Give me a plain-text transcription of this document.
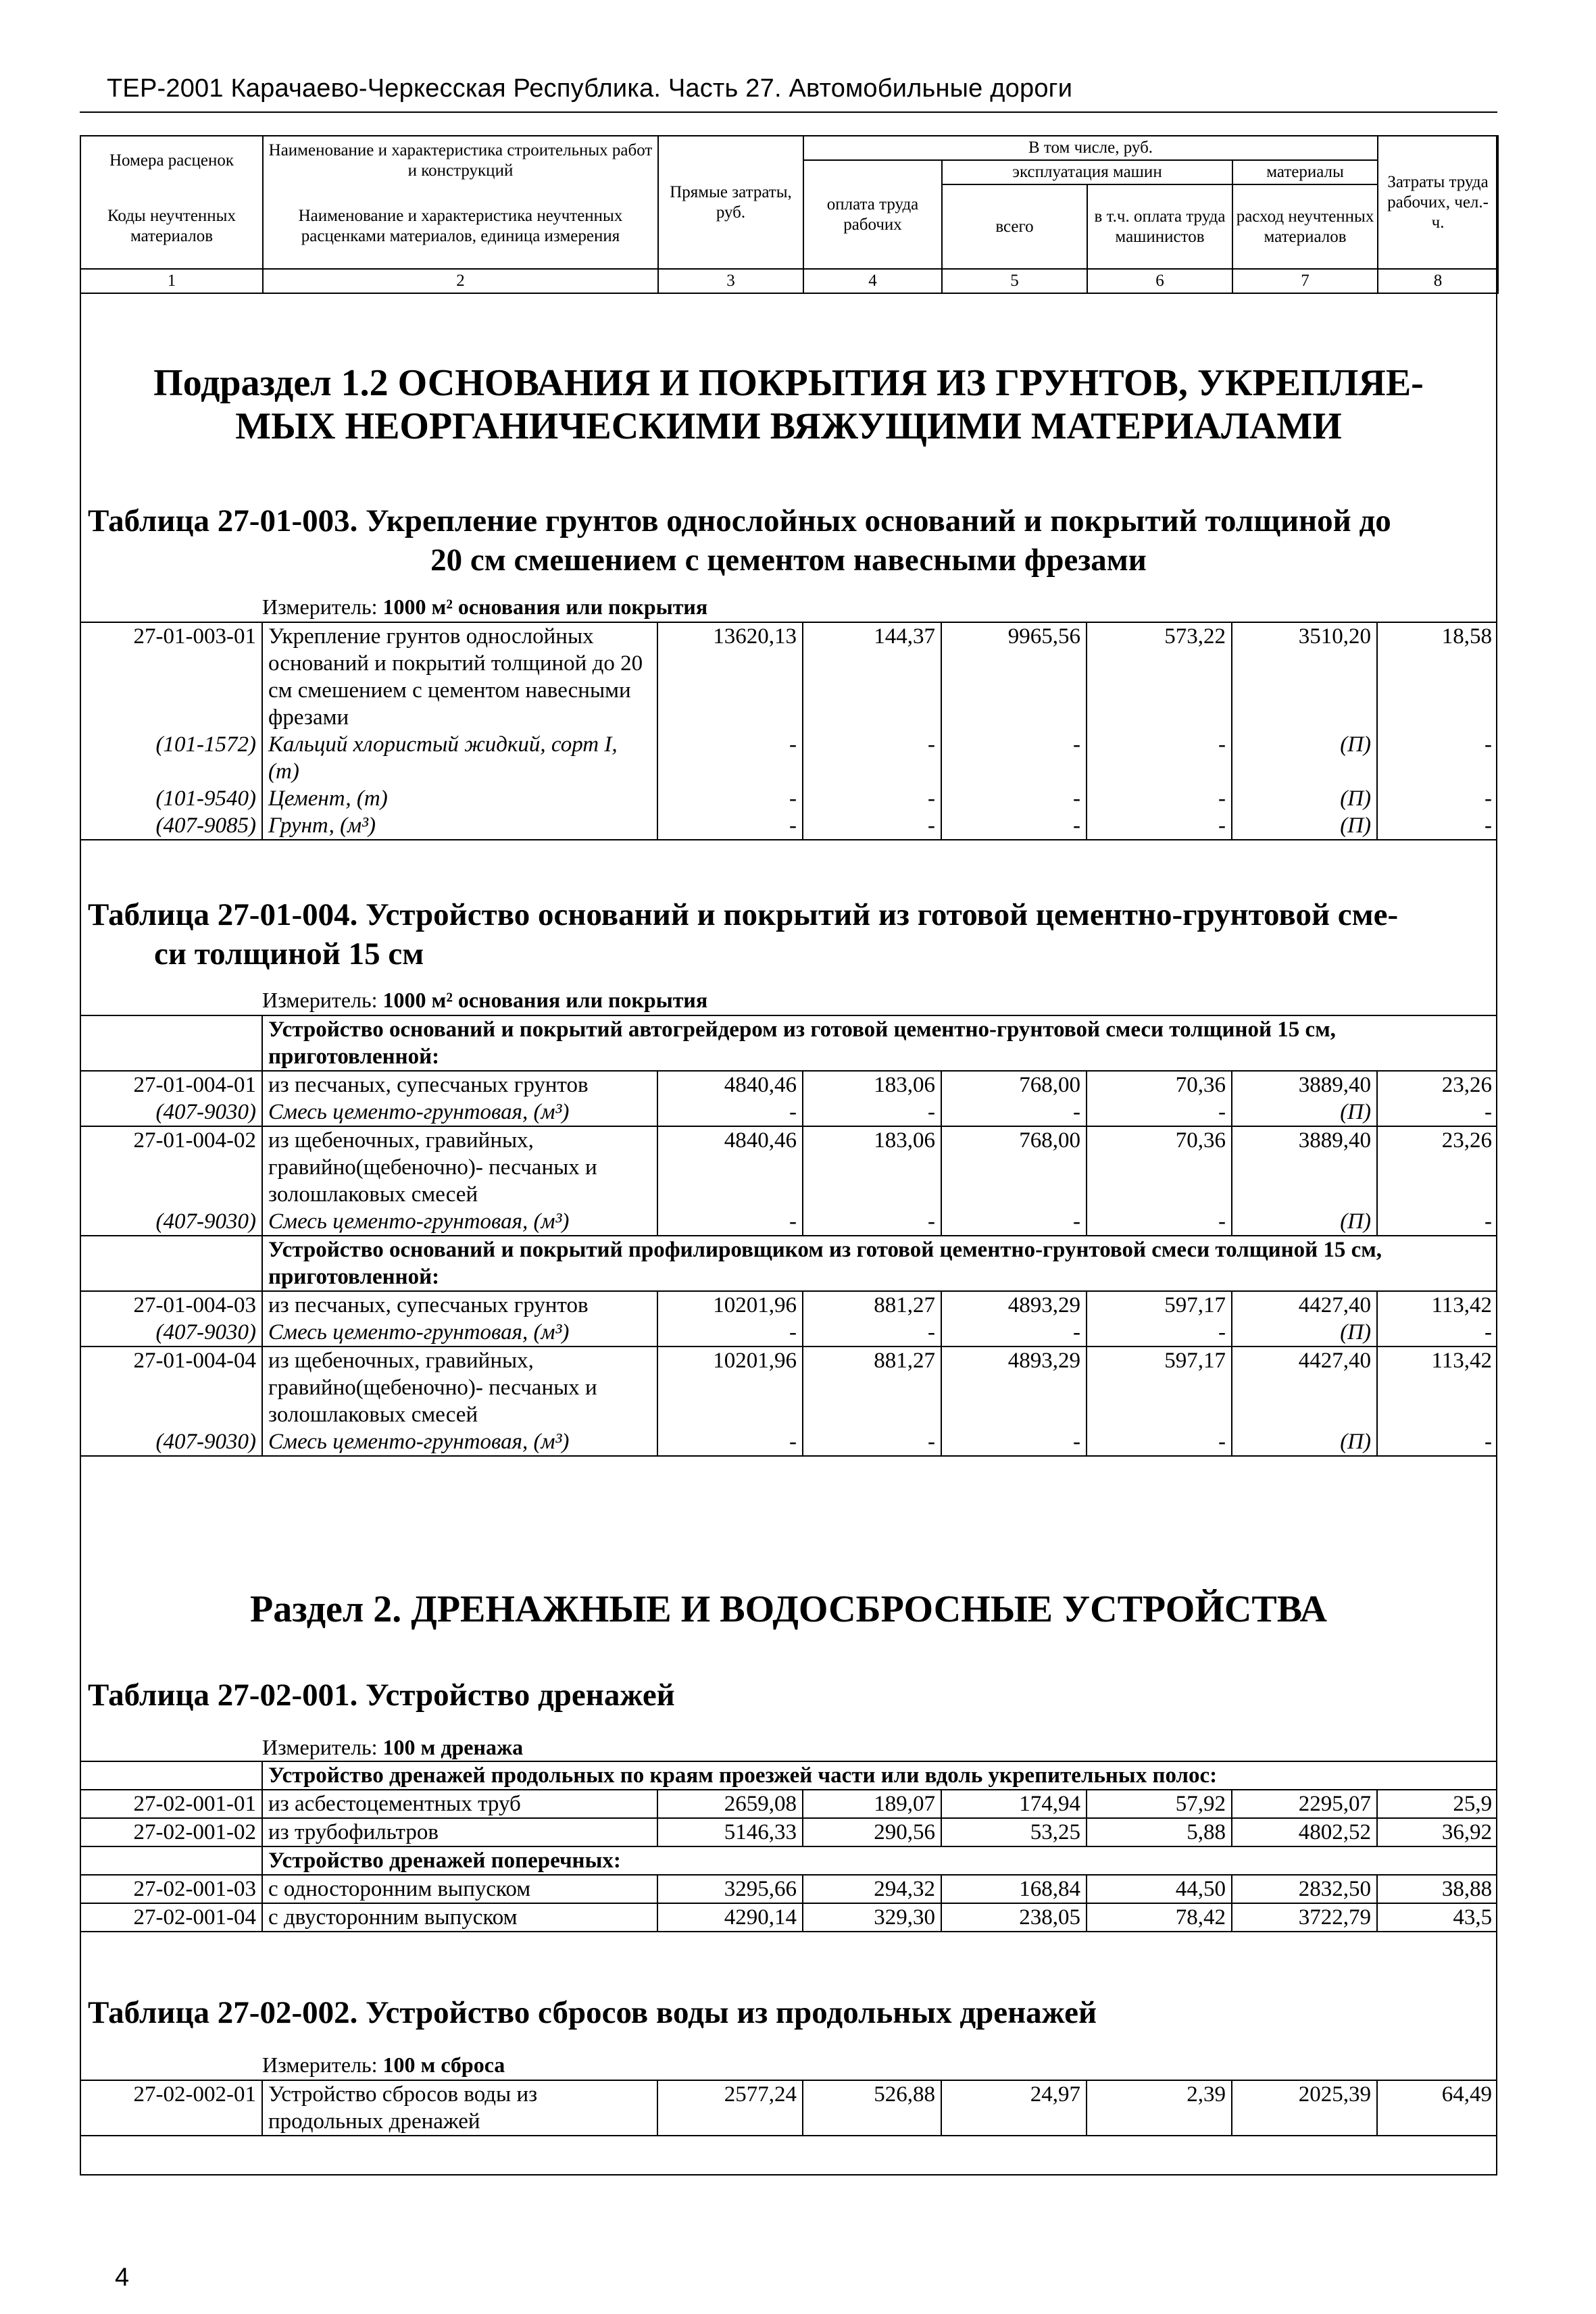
ТЕР-2001 Карачаево-Черкесская Республика. Часть 27. Автомобильные дороги
Номера расценок	Наименование и характеристика строительных работ и конструкций	Прямые затраты, руб.	В том числе, руб.				Затраты труда рабочих, чел.-ч.
			оплата труда рабочих	эксплуатация машин		материалы	
Коды неучтенных материалов	Наименование и характеристика неучтенных расценками материалов, единица измерения			всего	в т.ч. оплата труда машинистов	расход неучтенных материалов	

1	2	3	4	5	6	7	8
Подраздел 1.2 ОСНОВАНИЯ И ПОКРЫТИЯ ИЗ ГРУНТОВ, УКРЕПЛЯЕ-
МЫХ НЕОРГАНИЧЕСКИМИ ВЯЖУЩИМИ МАТЕРИАЛАМИ
Таблица 27-01-003. Укрепление грунтов однослойных оснований и покрытий толщиной до
20 см смешением с цементом навесными фрезами
Измеритель: 1000 м² основания или покрытия
27-01-003-01	Укрепление грунтов однослойных оснований и покрытий толщиной до 20 см смешением с цементом навесными фрезами	13620,13	144,37	9965,56	573,22	3510,20	18,58
(101-1572)	Кальций хлористый жидкий, сорт I, (т)	-	-	-	-	(П)	-
(101-9540)	Цемент, (т)	-	-	-	-	(П)	-
(407-9085)	Грунт, (м³)	-	-	-	-	(П)	-
Таблица 27-01-004. Устройство оснований и покрытий из готовой цементно-грунтовой сме-
си толщиной 15 см
Измеритель: 1000 м² основания или покрытия
	Устройство оснований и покрытий автогрейдером из готовой цементно-грунтовой смеси толщиной 15 см, приготовленной:						
27-01-004-01	из песчаных, супесчаных грунтов	4840,46	183,06	768,00	70,36	3889,40	23,26
(407-9030)	Смесь цементо-грунтовая, (м³)	-	-	-	-	(П)	-
27-01-004-02	из щебеночных, гравийных, гравийно(щебеночно)- песчаных и золошлаковых смесей	4840,46	183,06	768,00	70,36	3889,40	23,26
(407-9030)	Смесь цементо-грунтовая, (м³)	-	-	-	-	(П)	-
	Устройство оснований и покрытий профилировщиком из готовой цементно-грунтовой смеси толщиной 15 см, приготовленной:						
27-01-004-03	из песчаных, супесчаных грунтов	10201,96	881,27	4893,29	597,17	4427,40	113,42
(407-9030)	Смесь цементо-грунтовая, (м³)	-	-	-	-	(П)	-
27-01-004-04	из щебеночных, гравийных, гравийно(щебеночно)- песчаных и золошлаковых смесей	10201,96	881,27	4893,29	597,17	4427,40	113,42
(407-9030)	Смесь цементо-грунтовая, (м³)	-	-	-	-	(П)	-
Раздел 2. ДРЕНАЖНЫЕ И ВОДОСБРОСНЫЕ УСТРОЙСТВА
Таблица 27-02-001. Устройство дренажей
Измеритель: 100 м дренажа
	Устройство дренажей продольных по краям проезжей части или вдоль укрепительных полос:						
27-02-001-01	из асбестоцементных труб	2659,08	189,07	174,94	57,92	2295,07	25,9
27-02-001-02	из трубофильтров	5146,33	290,56	53,25	5,88	4802,52	36,92
	Устройство дренажей поперечных:						
27-02-001-03	с односторонним выпуском	3295,66	294,32	168,84	44,50	2832,50	38,88
27-02-001-04	с двусторонним выпуском	4290,14	329,30	238,05	78,42	3722,79	43,5
Таблица 27-02-002. Устройство сбросов воды из продольных дренажей
Измеритель: 100 м сброса
27-02-002-01	Устройство сбросов воды из продольных дренажей	2577,24	526,88	24,97	2,39	2025,39	64,49
4
